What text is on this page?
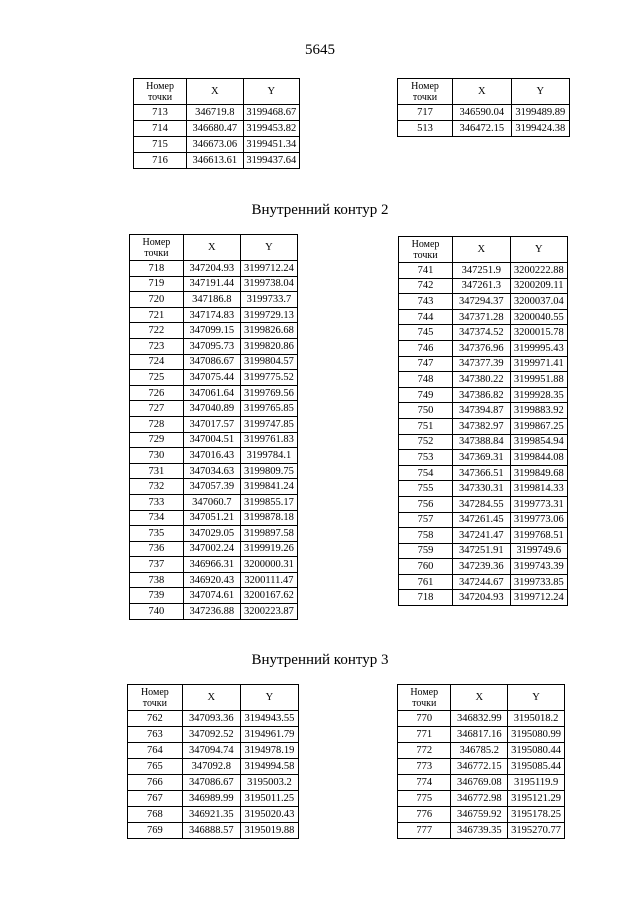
5645
Внутренний контур 2
Внутренний контур 3
Номер
точки	X	Y
713	346719.8	3199468.67
714	346680.47	3199453.82
715	346673.06	3199451.34
716	346613.61	3199437.64
Номер
точки	X	Y
717	346590.04	3199489.89
513	346472.15	3199424.38
Номер
точки	X	Y
718	347204.93	3199712.24
719	347191.44	3199738.04
720	347186.8	3199733.7
721	347174.83	3199729.13
722	347099.15	3199826.68
723	347095.73	3199820.86
724	347086.67	3199804.57
725	347075.44	3199775.52
726	347061.64	3199769.56
727	347040.89	3199765.85
728	347017.57	3199747.85
729	347004.51	3199761.83
730	347016.43	3199784.1
731	347034.63	3199809.75
732	347057.39	3199841.24
733	347060.7	3199855.17
734	347051.21	3199878.18
735	347029.05	3199897.58
736	347002.24	3199919.26
737	346966.31	3200000.31
738	346920.43	3200111.47
739	347074.61	3200167.62
740	347236.88	3200223.87
Номер
точки	X	Y
741	347251.9	3200222.88
742	347261.3	3200209.11
743	347294.37	3200037.04
744	347371.28	3200040.55
745	347374.52	3200015.78
746	347376.96	3199995.43
747	347377.39	3199971.41
748	347380.22	3199951.88
749	347386.82	3199928.35
750	347394.87	3199883.92
751	347382.97	3199867.25
752	347388.84	3199854.94
753	347369.31	3199844.08
754	347366.51	3199849.68
755	347330.31	3199814.33
756	347284.55	3199773.31
757	347261.45	3199773.06
758	347241.47	3199768.51
759	347251.91	3199749.6
760	347239.36	3199743.39
761	347244.67	3199733.85
718	347204.93	3199712.24
Номер
точки	X	Y
762	347093.36	3194943.55
763	347092.52	3194961.79
764	347094.74	3194978.19
765	347092.8	3194994.58
766	347086.67	3195003.2
767	346989.99	3195011.25
768	346921.35	3195020.43
769	346888.57	3195019.88
Номер
точки	X	Y
770	346832.99	3195018.2
771	346817.16	3195080.99
772	346785.2	3195080.44
773	346772.15	3195085.44
774	346769.08	3195119.9
775	346772.98	3195121.29
776	346759.92	3195178.25
777	346739.35	3195270.77
